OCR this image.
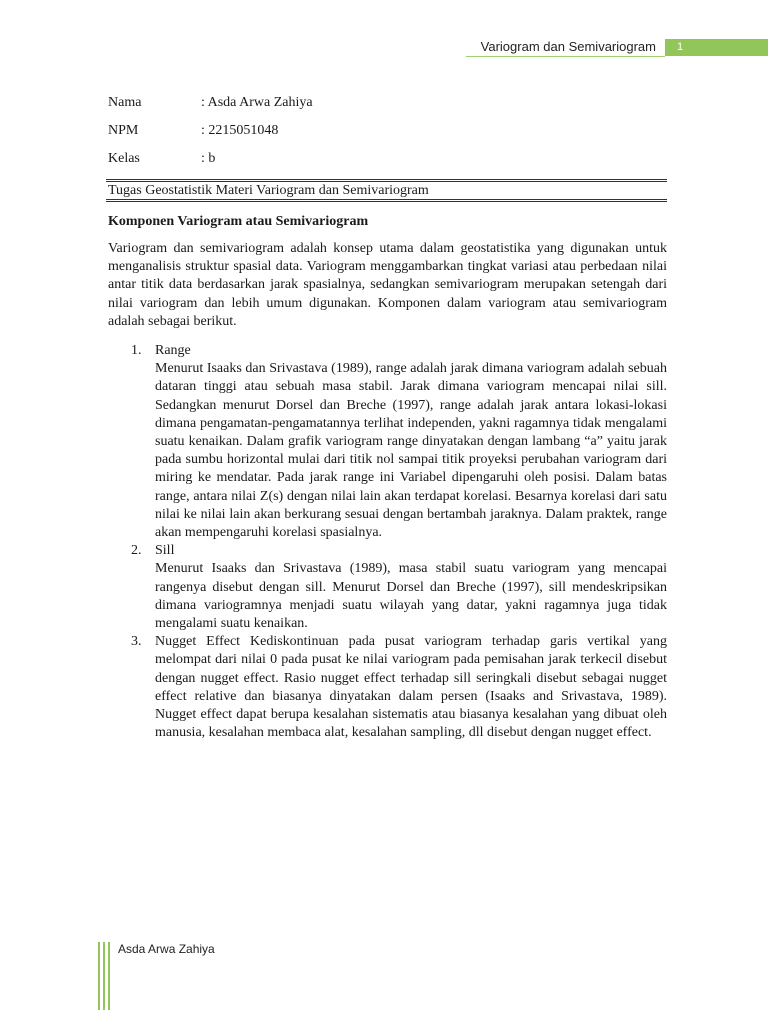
Variogram dan Semivariogram 1
Nama	: Asda Arwa Zahiya
NPM	: 2215051048
Kelas	: b
Tugas Geostatistik Materi Variogram dan Semivariogram
Komponen Variogram atau Semivariogram

Variogram dan semivariogram adalah konsep utama dalam geostatistika yang digunakan untuk menganalisis struktur spasial data. Variogram menggambarkan tingkat variasi atau perbedaan nilai antar titik data berdasarkan jarak spasialnya, sedangkan semivariogram merupakan setengah dari nilai variogram dan lebih umum digunakan. Komponen dalam variogram atau semivariogram adalah sebagai berikut.

1. Range
Menurut Isaaks dan Srivastava (1989), range adalah jarak dimana variogram adalah sebuah dataran tinggi atau sebuah masa stabil. Jarak dimana variogram mencapai nilai sill. Sedangkan menurut Dorsel dan Breche (1997), range adalah jarak antara lokasi-lokasi dimana pengamatan-pengamatannya terlihat independen, yakni ragamnya tidak mengalami suatu kenaikan. Dalam grafik variogram range dinyatakan dengan lambang “a” yaitu jarak pada sumbu horizontal mulai dari titik nol sampai titik proyeksi perubahan variogram dari miring ke mendatar. Pada jarak range ini Variabel dipengaruhi oleh posisi. Dalam batas range, antara nilai Z(s) dengan nilai lain akan terdapat korelasi. Besarnya korelasi dari satu nilai ke nilai lain akan berkurang sesuai dengan bertambah jaraknya. Dalam praktek, range akan mempengaruhi korelasi spasialnya.
2. Sill
Menurut Isaaks dan Srivastava (1989), masa stabil suatu variogram yang mencapai rangenya disebut dengan sill. Menurut Dorsel dan Breche (1997), sill mendeskripsikan dimana variogramnya menjadi suatu wilayah yang datar, yakni ragamnya juga tidak mengalami suatu kenaikan.
3. Nugget Effect Kediskontinuan pada pusat variogram terhadap garis vertikal yang melompat dari nilai 0 pada pusat ke nilai variogram pada pemisahan jarak terkecil disebut dengan nugget effect. Rasio nugget effect terhadap sill seringkali disebut sebagai nugget effect relative dan biasanya dinyatakan dalam persen (Isaaks and Srivastava, 1989). Nugget effect dapat berupa kesalahan sistematis atau biasanya kesalahan yang dibuat oleh manusia, kesalahan membaca alat, kesalahan sampling, dll disebut dengan nugget effect.
Asda Arwa Zahiya
